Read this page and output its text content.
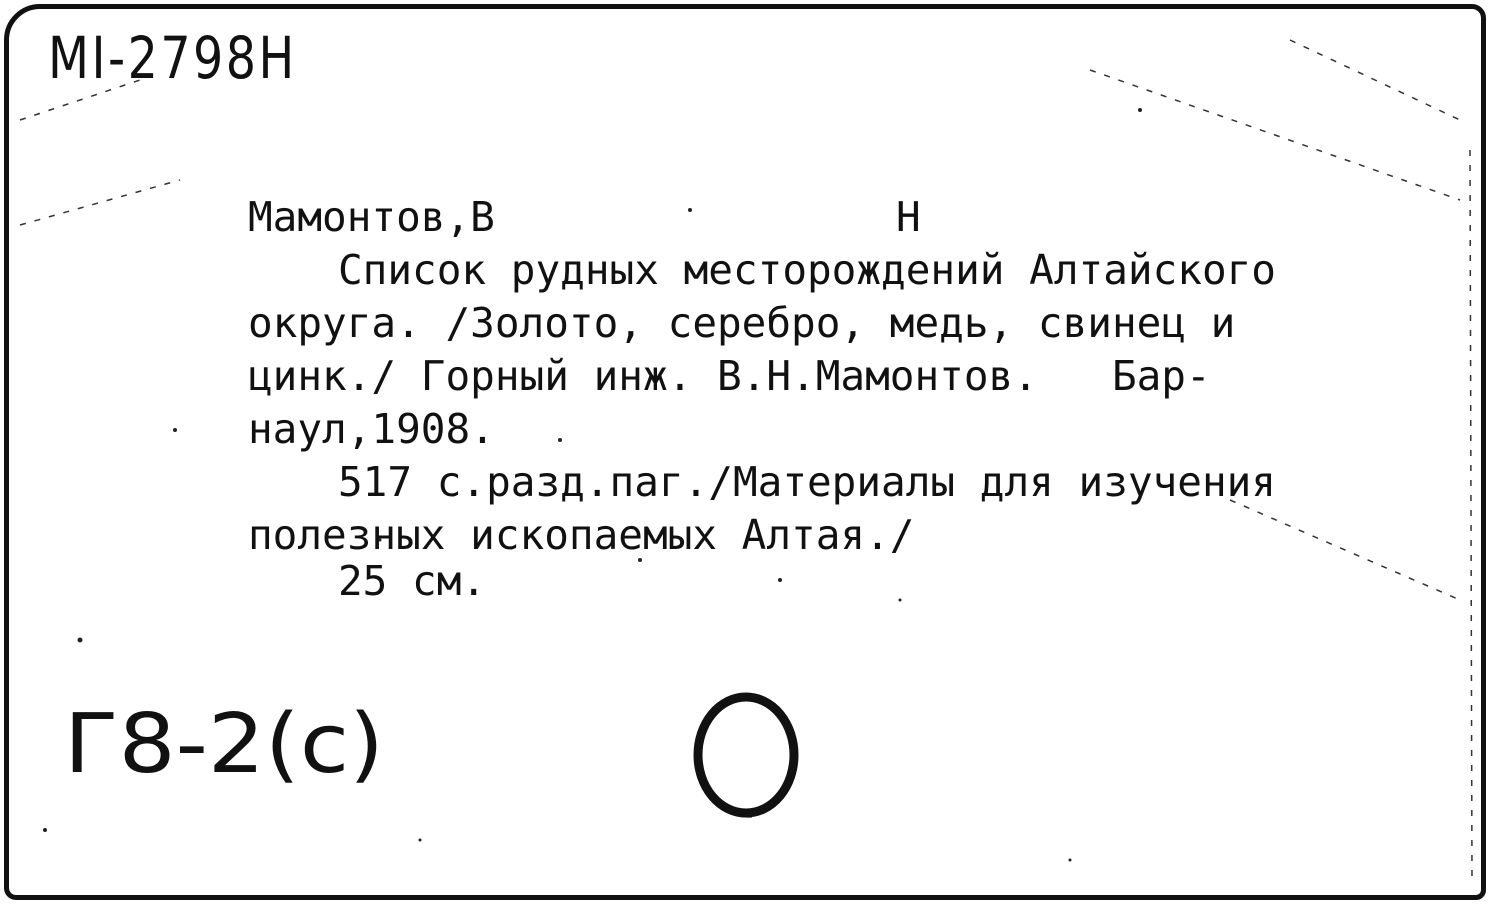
MI-2798H
Мамонтов,В	Н
Список рудных месторождений Алтайского
округа. /Золото, серебро, медь, свинец и
цинк./ Горный инж. В.Н.Мамонтов.   Бар-
наул,1908.
517 с.разд.паг./Материалы для изучения
полезных ископаемых Алтая./
25 см.
Г8-2(с)
